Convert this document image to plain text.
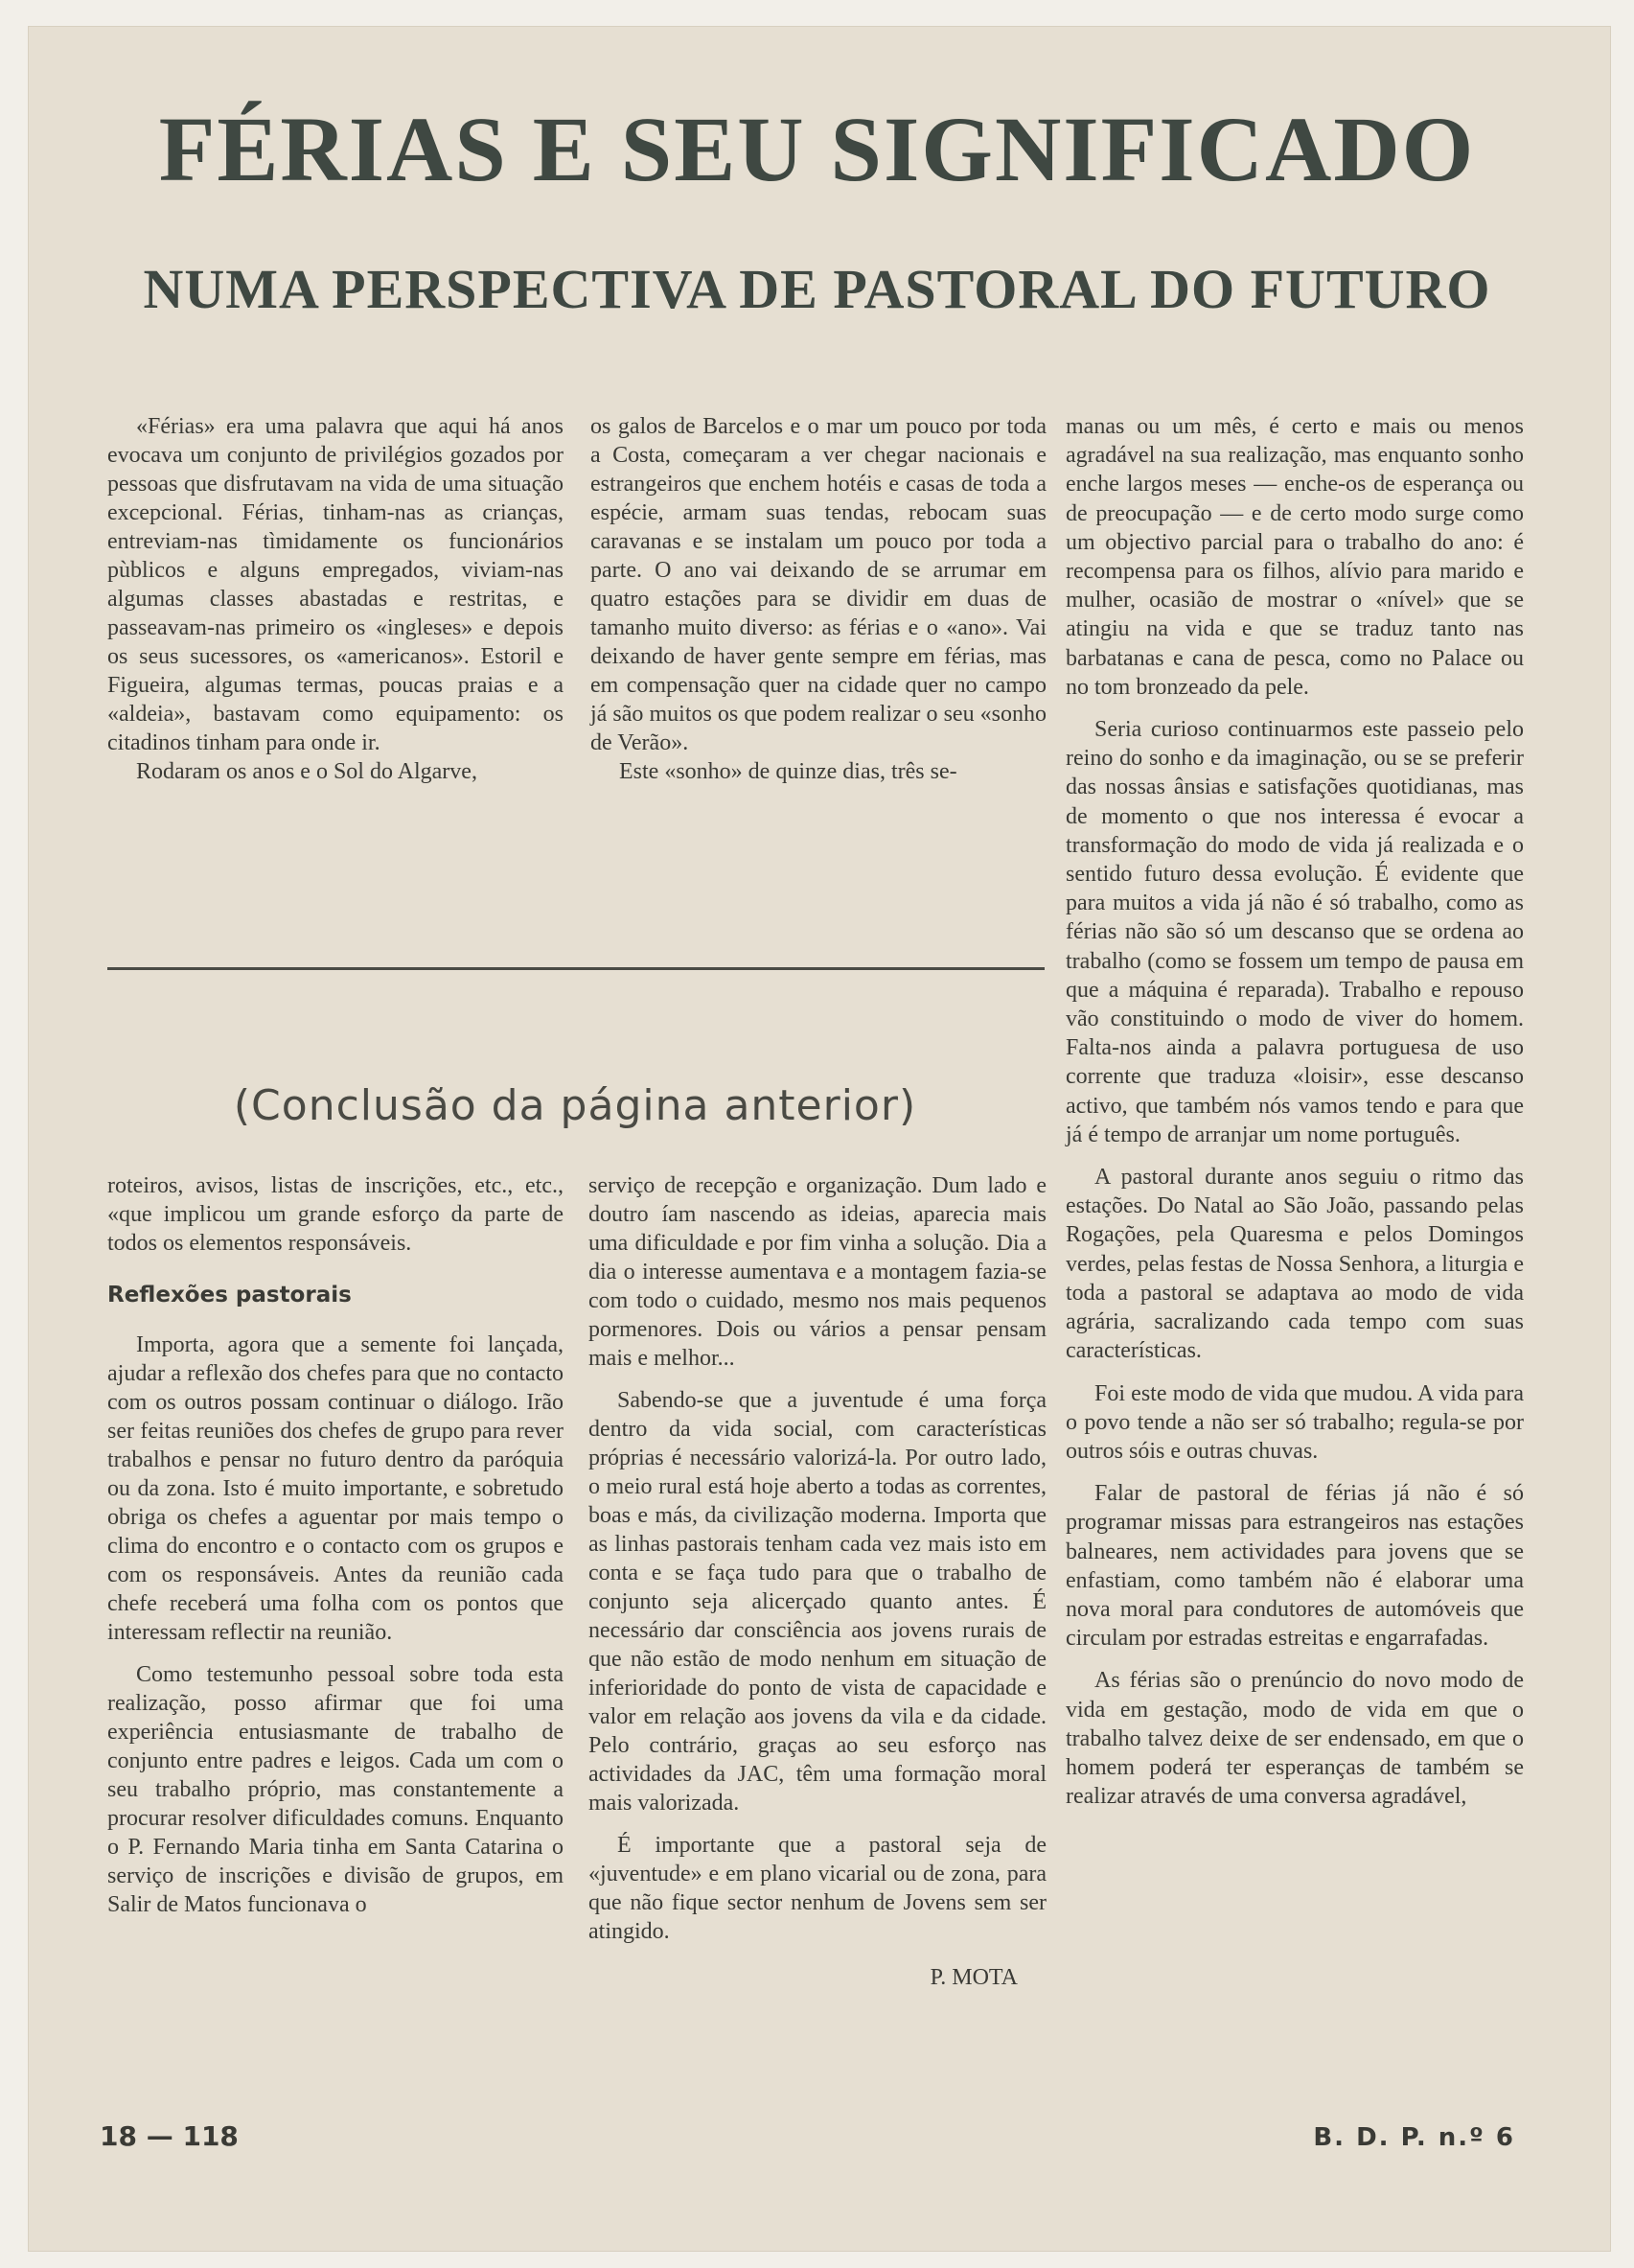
FÉRIAS E SEU SIGNIFICADO
NUMA PERSPECTIVA DE PASTORAL DO FUTURO

«Férias» era uma palavra que aqui há anos evocava um conjunto de privilégios gozados por pessoas que disfrutavam na vida de uma situação excepcional. Férias, tinham-nas as crianças, entreviam-nas tìmidamente os funcionários pùblicos e alguns empregados, viviam-nas algumas classes abastadas e restritas, e passeavam-nas primeiro os «ingleses» e depois os seus sucessores, os «americanos». Estoril e Figueira, algumas termas, poucas praias e a «aldeia», bastavam como equipamento: os citadinos tinham para onde ir.

Rodaram os anos e o Sol do Algarve,

os galos de Barcelos e o mar um pouco por toda a Costa, começaram a ver chegar nacionais e estrangeiros que enchem hotéis e casas de toda a espécie, armam suas tendas, rebocam suas caravanas e se instalam um pouco por toda a parte. O ano vai deixando de se arrumar em quatro estações para se dividir em duas de tamanho muito diverso: as férias e o «ano». Vai deixando de haver gente sempre em férias, mas em compensação quer na cidade quer no campo já são muitos os que podem realizar o seu «sonho de Verão».

Este «sonho» de quinze dias, três se-

manas ou um mês, é certo e mais ou menos agradável na sua realização, mas enquanto sonho enche largos meses — enche-os de esperança ou de preocupação — e de certo modo surge como um objectivo parcial para o trabalho do ano: é recompensa para os filhos, alívio para marido e mulher, ocasião de mostrar o «nível» que se atingiu na vida e que se traduz tanto nas barbatanas e cana de pesca, como no Palace ou no tom bronzeado da pele.

Seria curioso continuarmos este passeio pelo reino do sonho e da imaginação, ou se se preferir das nossas ânsias e satisfações quotidianas, mas de momento o que nos interessa é evocar a transformação do modo de vida já realizada e o sentido futuro dessa evolução. É evidente que para muitos a vida já não é só trabalho, como as férias não são só um descanso que se ordena ao trabalho (como se fossem um tempo de pausa em que a máquina é reparada). Trabalho e repouso vão constituindo o modo de viver do homem. Falta-nos ainda a palavra portuguesa de uso corrente que traduza «loisir», esse descanso activo, que também nós vamos tendo e para que já é tempo de arranjar um nome português.

A pastoral durante anos seguiu o ritmo das estações. Do Natal ao São João, passando pelas Rogações, pela Quaresma e pelos Domingos verdes, pelas festas de Nossa Senhora, a liturgia e toda a pastoral se adaptava ao modo de vida agrária, sacralizando cada tempo com suas características.

Foi este modo de vida que mudou. A vida para o povo tende a não ser só trabalho; regula-se por outros sóis e outras chuvas.

Falar de pastoral de férias já não é só programar missas para estrangeiros nas estações balneares, nem actividades para jovens que se enfastiam, como também não é elaborar uma nova moral para condutores de automóveis que circulam por estradas estreitas e engarrafadas.

As férias são o prenúncio do novo modo de vida em gestação, modo de vida em que o trabalho talvez deixe de ser endensado, em que o homem poderá ter esperanças de também se realizar através de uma conversa agradável,

(Conclusão da página anterior)

roteiros, avisos, listas de inscrições, etc., etc., «que implicou um grande esforço da parte de todos os elementos responsáveis.

Reflexões pastorais

Importa, agora que a semente foi lançada, ajudar a reflexão dos chefes para que no contacto com os outros possam continuar o diálogo. Irão ser feitas reuniões dos chefes de grupo para rever trabalhos e pensar no futuro dentro da paróquia ou da zona. Isto é muito importante, e sobretudo obriga os chefes a aguentar por mais tempo o clima do encontro e o contacto com os grupos e com os responsáveis. Antes da reunião cada chefe receberá uma folha com os pontos que interessam reflectir na reunião.

Como testemunho pessoal sobre toda esta realização, posso afirmar que foi uma experiência entusiasmante de trabalho de conjunto entre padres e leigos. Cada um com o seu trabalho próprio, mas constantemente a procurar resolver dificuldades comuns. Enquanto o P. Fernando Maria tinha em Santa Catarina o serviço de inscrições e divisão de grupos, em Salir de Matos funcionava o

serviço de recepção e organização. Dum lado e doutro íam nascendo as ideias, aparecia mais uma dificuldade e por fim vinha a solução. Dia a dia o interesse aumentava e a montagem fazia-se com todo o cuidado, mesmo nos mais pequenos pormenores. Dois ou vários a pensar pensam mais e melhor...

Sabendo-se que a juventude é uma força dentro da vida social, com características próprias é necessário valorizá-la. Por outro lado, o meio rural está hoje aberto a todas as correntes, boas e más, da civilização moderna. Importa que as linhas pastorais tenham cada vez mais isto em conta e se faça tudo para que o trabalho de conjunto seja alicerçado quanto antes. É necessário dar consciência aos jovens rurais de que não estão de modo nenhum em situação de inferioridade do ponto de vista de capacidade e valor em relação aos jovens da vila e da cidade. Pelo contrário, graças ao seu esforço nas actividades da JAC, têm uma formação moral mais valorizada.

É importante que a pastoral seja de «juventude» e em plano vicarial ou de zona, para que não fique sector nenhum de Jovens sem ser atingido.

P. MOTA

18 — 118	B. D. P. n.º 6
